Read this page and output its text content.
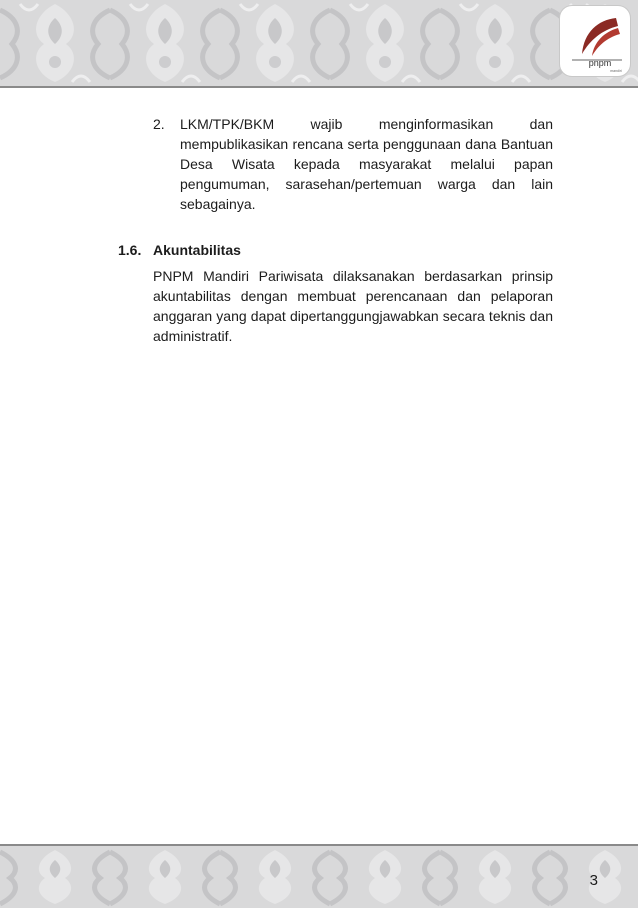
pnpm
mandiri
2. LKM/TPK/BKM wajib menginformasikan dan mempublikasikan rencana serta penggunaan dana Bantuan Desa Wisata kepada masyarakat melalui papan pengumuman, sarasehan/pertemuan warga dan lain sebagainya.
1.6. Akuntabilitas

PNPM Mandiri Pariwisata dilaksanakan berdasarkan prinsip akuntabilitas dengan membuat perencanaan dan pelaporan anggaran yang dapat dipertanggungjawabkan secara teknis dan administratif.

3
